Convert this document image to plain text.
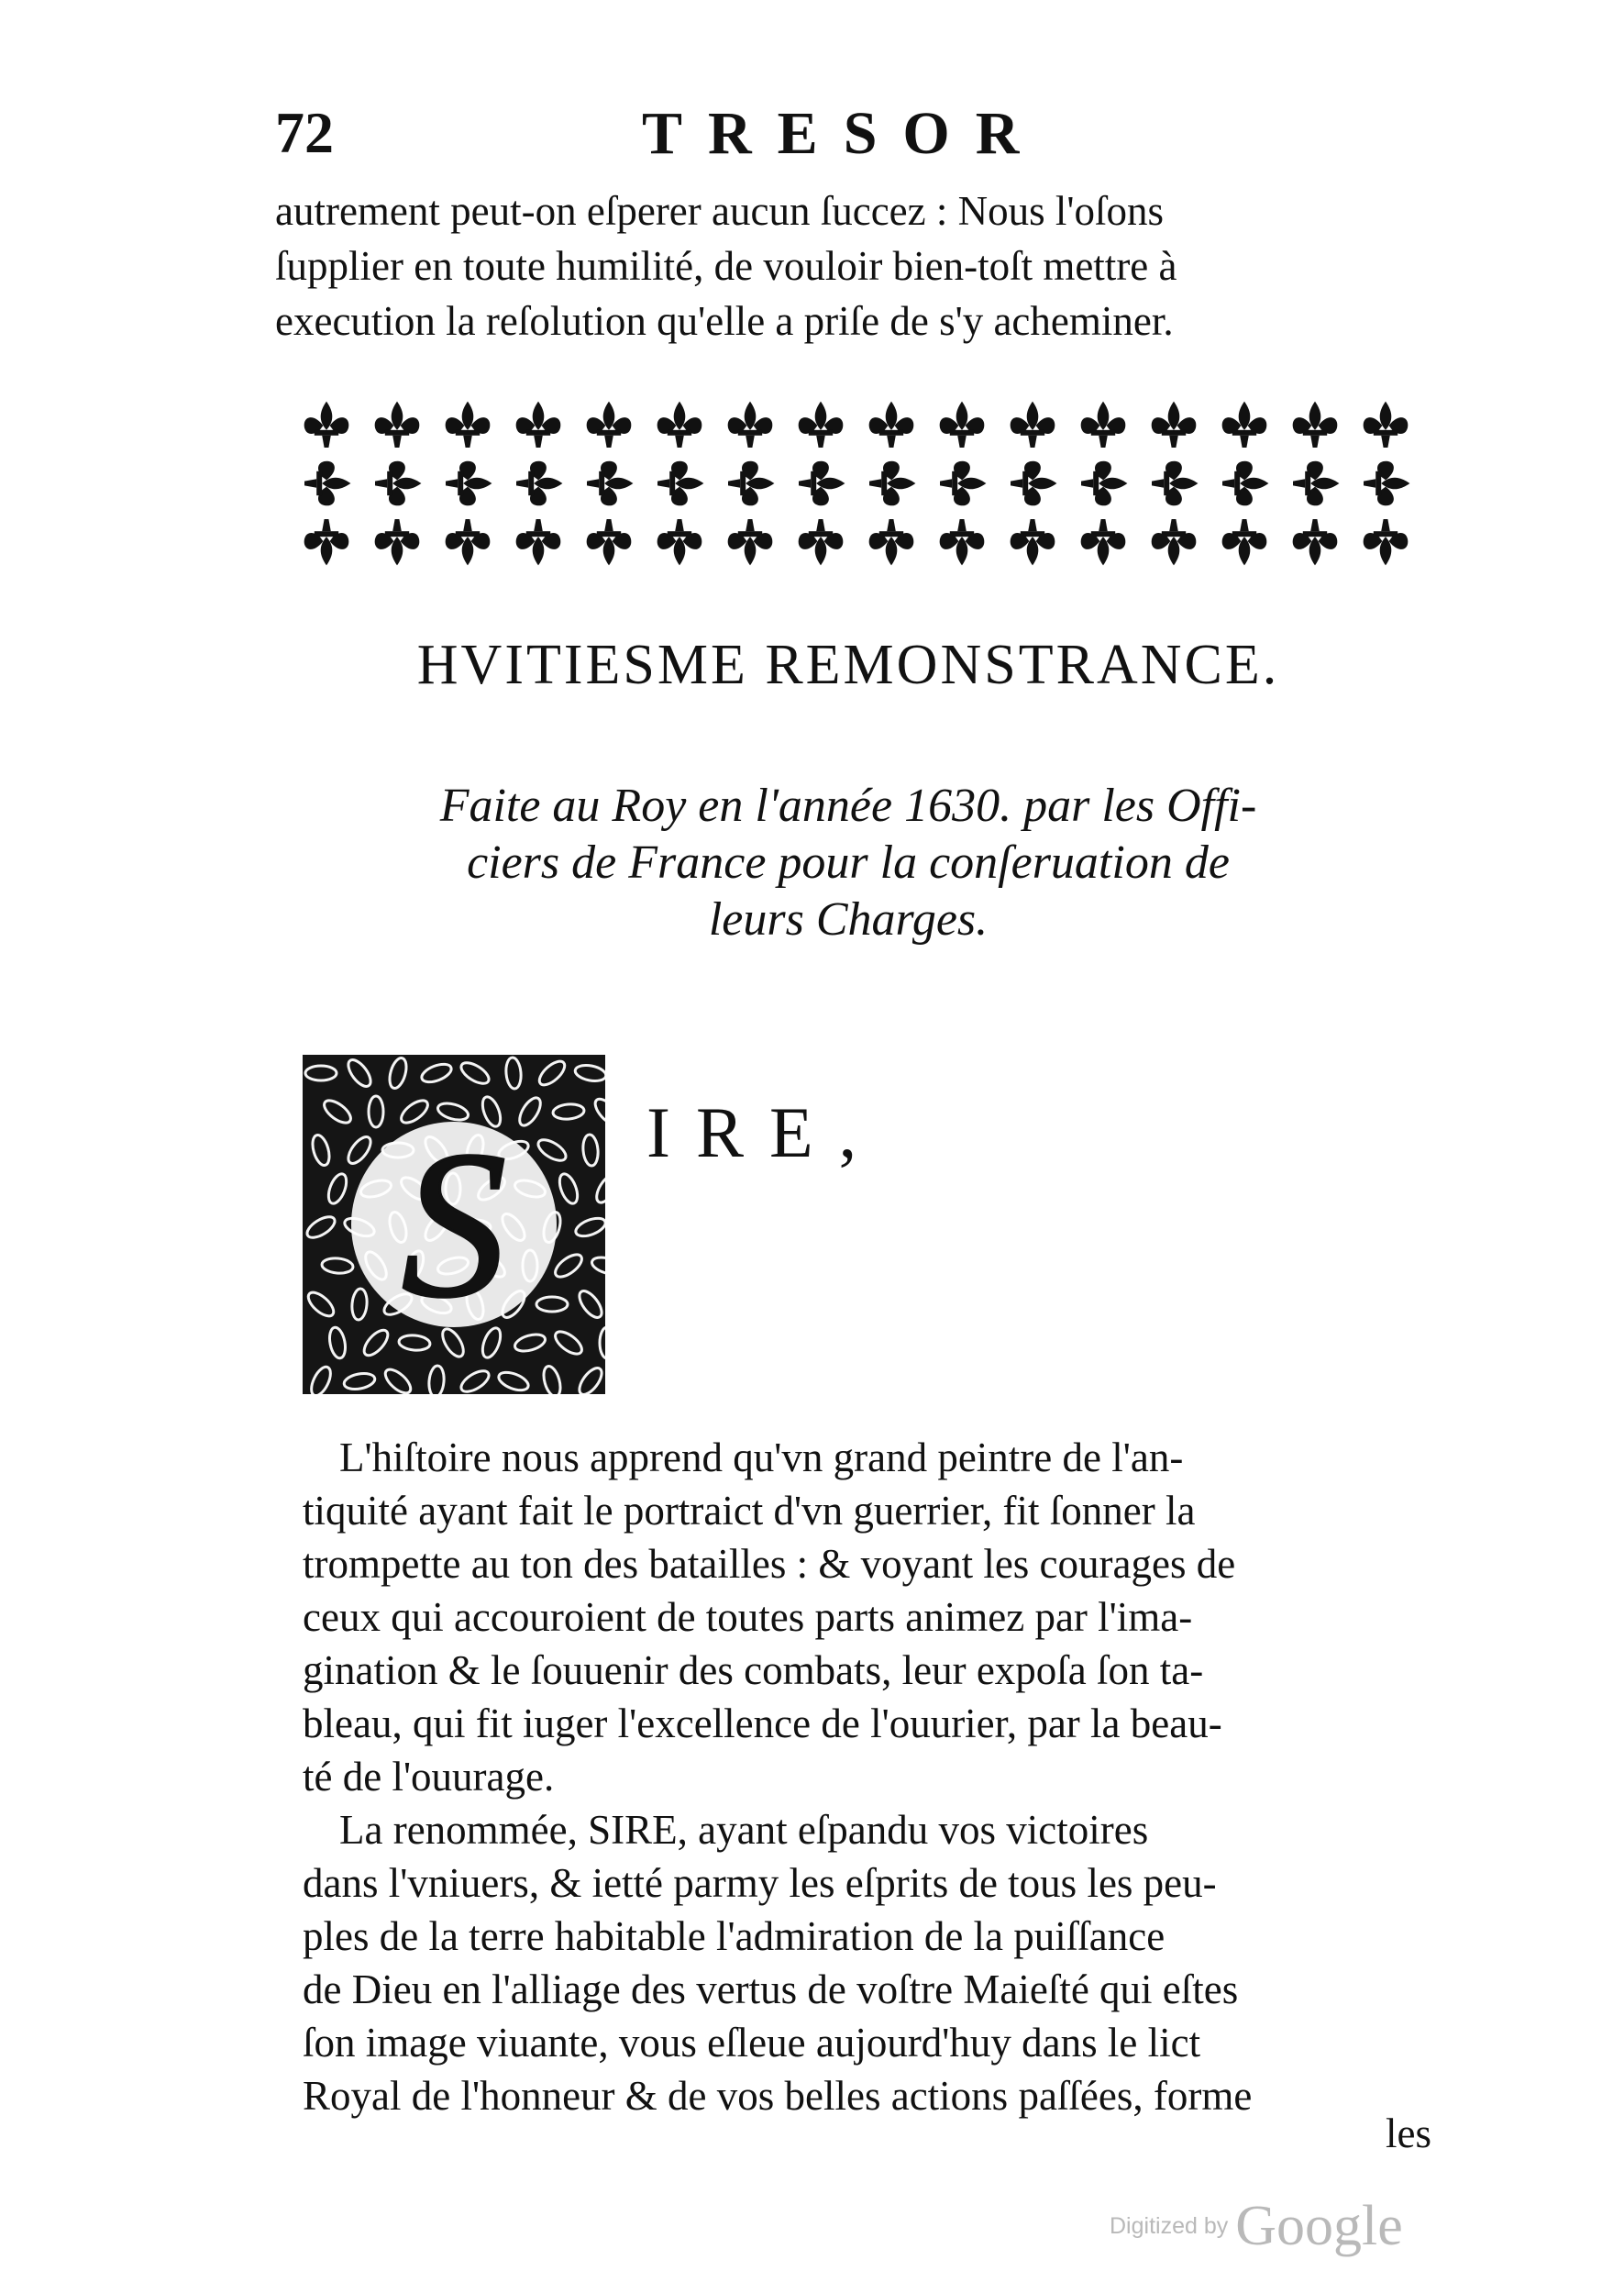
72	TRESOR

autrement peut-on eſperer aucun ſuccez : Nous l'oſons

ſupplier en toute humilité, de vouloir bien-toſt mettre à

execution la reſolution qu'elle a priſe de s'y acheminer.

HVITIESME REMONSTRANCE.
Faite au Roy en l'année 1630. par les Offi-
ciers de France pour la conſeruation de
leurs Charges.
S IRE,

L'hiſtoire nous apprend qu'vn grand peintre de l'an-

tiquité ayant fait le portraict d'vn guerrier, fit ſonner la

trompette au ton des batailles : & voyant les courages de

ceux qui accouroient de toutes parts animez par l'ima-

gination & le ſouuenir des combats, leur expoſa ſon ta-

bleau, qui fit iuger l'excellence de l'ouurier, par la beau-

té de l'ouurage.

La renommée, SIRE, ayant eſpandu vos victoires

dans l'vniuers, & ietté parmy les eſprits de tous les peu-

ples de la terre habitable l'admiration de la puiſſance

de Dieu en l'alliage des vertus de voſtre Maieſté qui eſtes

ſon image viuante, vous eſleue aujourd'huy dans le lict

Royal de l'honneur & de vos belles actions paſſées, forme

les
Digitized by Google
